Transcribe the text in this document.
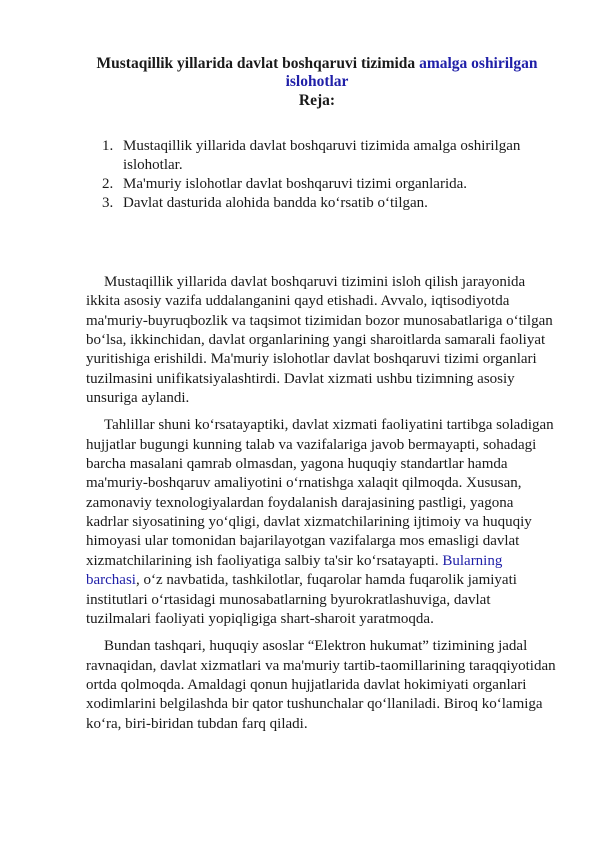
Mustaqillik yillarida davlat boshqaruvi tizimida amalga oshirilgan islohotlar
Reja:
1. Mustaqillik yillarida davlat boshqaruvi tizimida amalga oshirilgan islohotlar.
2. Ma'muriy islohotlar davlat boshqaruvi tizimi organlarida.
3. Davlat dasturida alohida bandda ko‘rsatib o‘tilgan.

Mustaqillik yillarida davlat boshqaruvi tizimini isloh qilish jarayonida ikkita asosiy vazifa uddalanganini qayd etishadi. Avvalo, iqtisodiyotda ma'muriy-buyruqbozlik va taqsimot tizimidan bozor munosabatlariga o‘tilgan bo‘lsa, ikkinchidan, davlat organlarining yangi sharoitlarda samarali faoliyat yuritishiga erishildi. Ma'muriy islohotlar davlat boshqaruvi tizimi organlari tuzilmasini unifikatsiyalashtirdi. Davlat xizmati ushbu tizimning asosiy unsuriga aylandi.

Tahlillar shuni ko‘rsatayaptiki, davlat xizmati faoliyatini tartibga soladigan hujjatlar bugungi kunning talab va vazifalariga javob bermayapti, sohadagi barcha masalani qamrab olmasdan, yagona huquqiy standartlar hamda ma'muriy-boshqaruv amaliyotini o‘rnatishga xalaqit qilmoqda. Xususan, zamonaviy texnologiyalardan foydalanish darajasining pastligi, yagona kadrlar siyosatining yo‘qligi, davlat xizmatchilarining ijtimoiy va huquqiy himoyasi ular tomonidan bajarilayotgan vazifalarga mos emasligi davlat xizmatchilarining ish faoliyatiga salbiy ta'sir ko‘rsatayapti. Bularning barchasi, o‘z navbatida, tashkilotlar, fuqarolar hamda fuqarolik jamiyati institutlari o‘rtasidagi munosabatlarning byurokratlashuviga, davlat tuzilmalari faoliyati yopiqligiga shart-sharoit yaratmoqda.

Bundan tashqari, huquqiy asoslar “Elektron hukumat” tizimining jadal ravnaqidan, davlat xizmatlari va ma'muriy tartib-taomillarining taraqqiyotidan ortda qolmoqda. Amaldagi qonun hujjatlarida davlat hokimiyati organlari xodimlarini belgilashda bir qator tushunchalar qo‘llaniladi. Biroq ko‘lamiga ko‘ra, biri-biridan tubdan farq qiladi.
